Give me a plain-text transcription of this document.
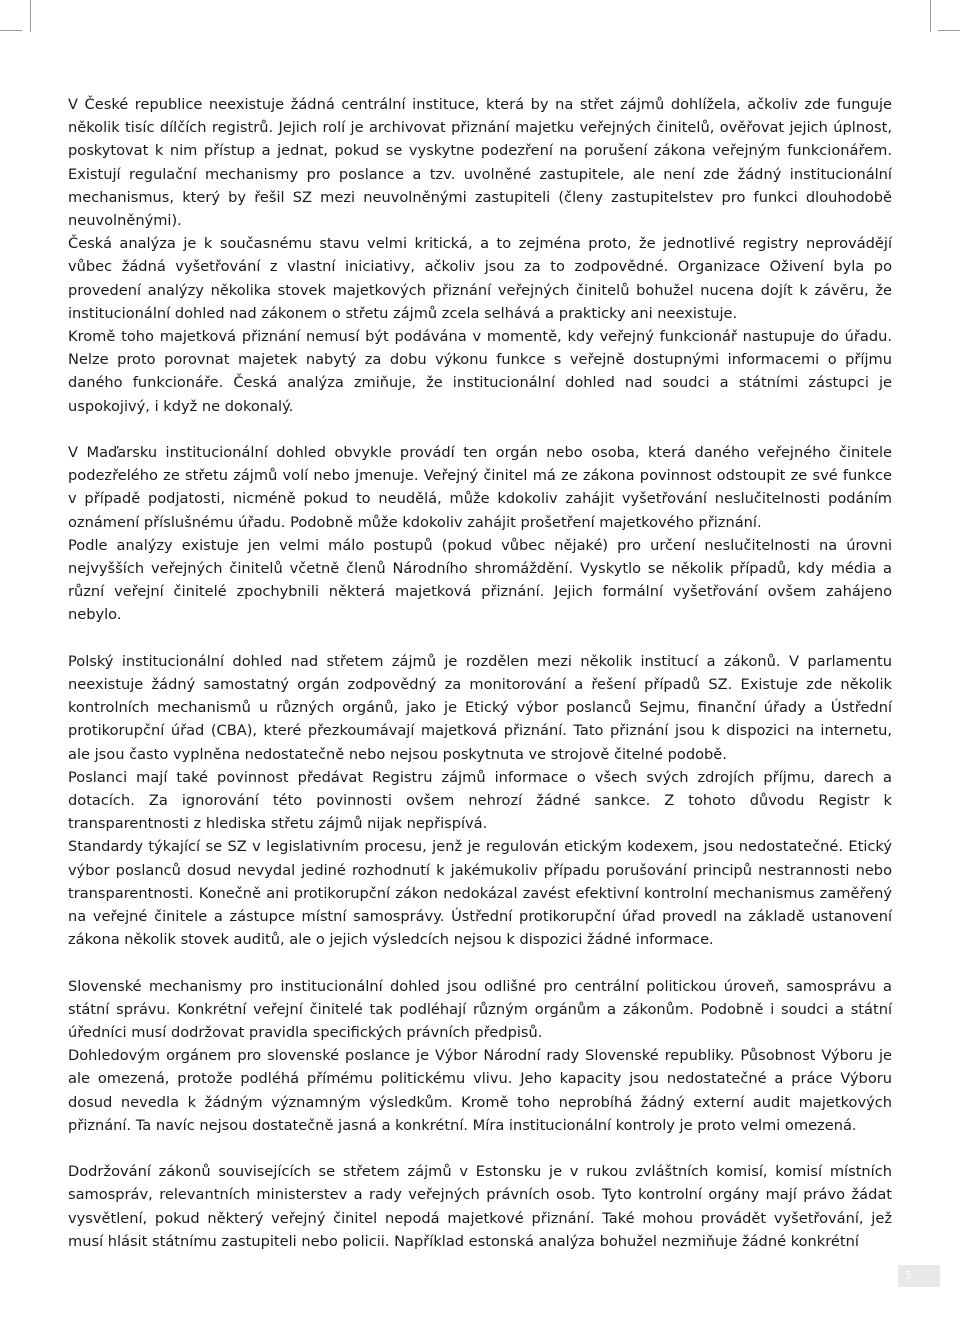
V České republice neexistuje žádná centrální instituce, která by na střet zájmů dohlížela, ačkoliv zde funguje několik tisíc dílčích registrů. Jejich rolí je archivovat přiznání majetku veřejných činitelů, ověřovat jejich úplnost, poskytovat k nim přístup a jednat, pokud se vyskytne podezření na porušení zákona veřejným funkcionářem. Existují regulační mechanismy pro poslance a tzv. uvolněné zastupitele, ale není zde žádný institucionální mechanismus, který by řešil SZ mezi neuvolněnými zastupiteli (členy zastupitelstev pro funkci dlouhodobě neuvolněnými).

Česká analýza je k současnému stavu velmi kritická, a to zejména proto, že jednotlivé registry neprovádějí vůbec žádná vyšetřování z vlastní iniciativy, ačkoliv jsou za to zodpovědné. Organizace Oživení byla po provedení analýzy několika stovek majetkových přiznání veřejných činitelů bohužel nucena dojít k závěru, že institucionální dohled nad zákonem o střetu zájmů zcela selhává a prakticky ani neexistuje.

Kromě toho majetková přiznání nemusí být podávána v momentě, kdy veřejný funkcionář nastupuje do úřadu. Nelze proto porovnat majetek nabytý za dobu výkonu funkce s veřejně dostupnými informacemi o příjmu daného funkcionáře. Česká analýza zmiňuje, že institucionální dohled nad soudci a státními zástupci je uspokojivý, i když ne dokonalý.

V Maďarsku institucionální dohled obvykle provádí ten orgán nebo osoba, která daného veřejného činitele podezřelého ze střetu zájmů volí nebo jmenuje. Veřejný činitel má ze zákona povinnost odstoupit ze své funkce v případě podjatosti, nicméně pokud to neudělá, může kdokoliv zahájit vyšetřování neslučitelnosti podáním oznámení příslušnému úřadu. Podobně může kdokoliv zahájit prošetření majetkového přiznání.

Podle analýzy existuje jen velmi málo postupů (pokud vůbec nějaké) pro určení neslučitelnosti na úrovni nejvyšších veřejných činitelů včetně členů Národního shromáždění. Vyskytlo se několik případů, kdy média a různí veřejní činitelé zpochybnili některá majetková přiznání. Jejich formální vyšetřování ovšem zahájeno nebylo.

Polský institucionální dohled nad střetem zájmů je rozdělen mezi několik institucí a zákonů. V parlamentu neexistuje žádný samostatný orgán zodpovědný za monitorování a řešení případů SZ. Existuje zde několik kontrolních mechanismů u různých orgánů, jako je Etický výbor poslanců Sejmu, finanční úřady a Ústřední protikorupční úřad (CBA), které přezkoumávají majetková přiznání. Tato přiznání jsou k dispozici na internetu, ale jsou často vyplněna nedostatečně nebo nejsou poskytnuta ve strojově čitelné podobě.

Poslanci mají také povinnost předávat Registru zájmů informace o všech svých zdrojích příjmu, darech a dotacích. Za ignorování této povinnosti ovšem nehrozí žádné sankce. Z tohoto důvodu Registr k transparentnosti z hlediska střetu zájmů nijak nepřispívá.

Standardy týkající se SZ v legislativním procesu, jenž je regulován etickým kodexem, jsou nedostatečné. Etický výbor poslanců dosud nevydal jediné rozhodnutí k jakémukoliv případu porušování principů nestrannosti nebo transparentnosti. Konečně ani protikorupční zákon nedokázal zavést efektivní kontrolní mechanismus zaměřený na veřejné činitele a zástupce místní samosprávy. Ústřední protikorupční úřad provedl na základě ustanovení zákona několik stovek auditů, ale o jejich výsledcích nejsou k dispozici žádné informace.

Slovenské mechanismy pro institucionální dohled jsou odlišné pro centrální politickou úroveň, samosprávu a státní správu. Konkrétní veřejní činitelé tak podléhají různým orgánům a zákonům. Podobně i soudci a státní úředníci musí dodržovat pravidla specifických právních předpisů.

Dohledovým orgánem pro slovenské poslance je Výbor Národní rady Slovenské republiky. Působnost Výboru je ale omezená, protože podléhá přímému politickému vlivu. Jeho kapacity jsou nedostatečné a práce Výboru dosud nevedla k žádným významným výsledkům. Kromě toho neprobíhá žádný externí audit majetkových přiznání. Ta navíc nejsou dostatečně jasná a konkrétní. Míra institucionální kontroly je proto velmi omezená.

Dodržování zákonů souvisejících se střetem zájmů v Estonsku je v rukou zvláštních komisí, komisí místních samospráv, relevantních ministerstev a rady veřejných právních osob. Tyto kontrolní orgány mají právo žádat vysvětlení, pokud některý veřejný činitel nepodá majetkové přiznání. Také mohou provádět vyšetřování, jež musí hlásit státnímu zastupiteli nebo policii. Například estonská analýza bohužel nezmiňuje žádné konkrétní

5
